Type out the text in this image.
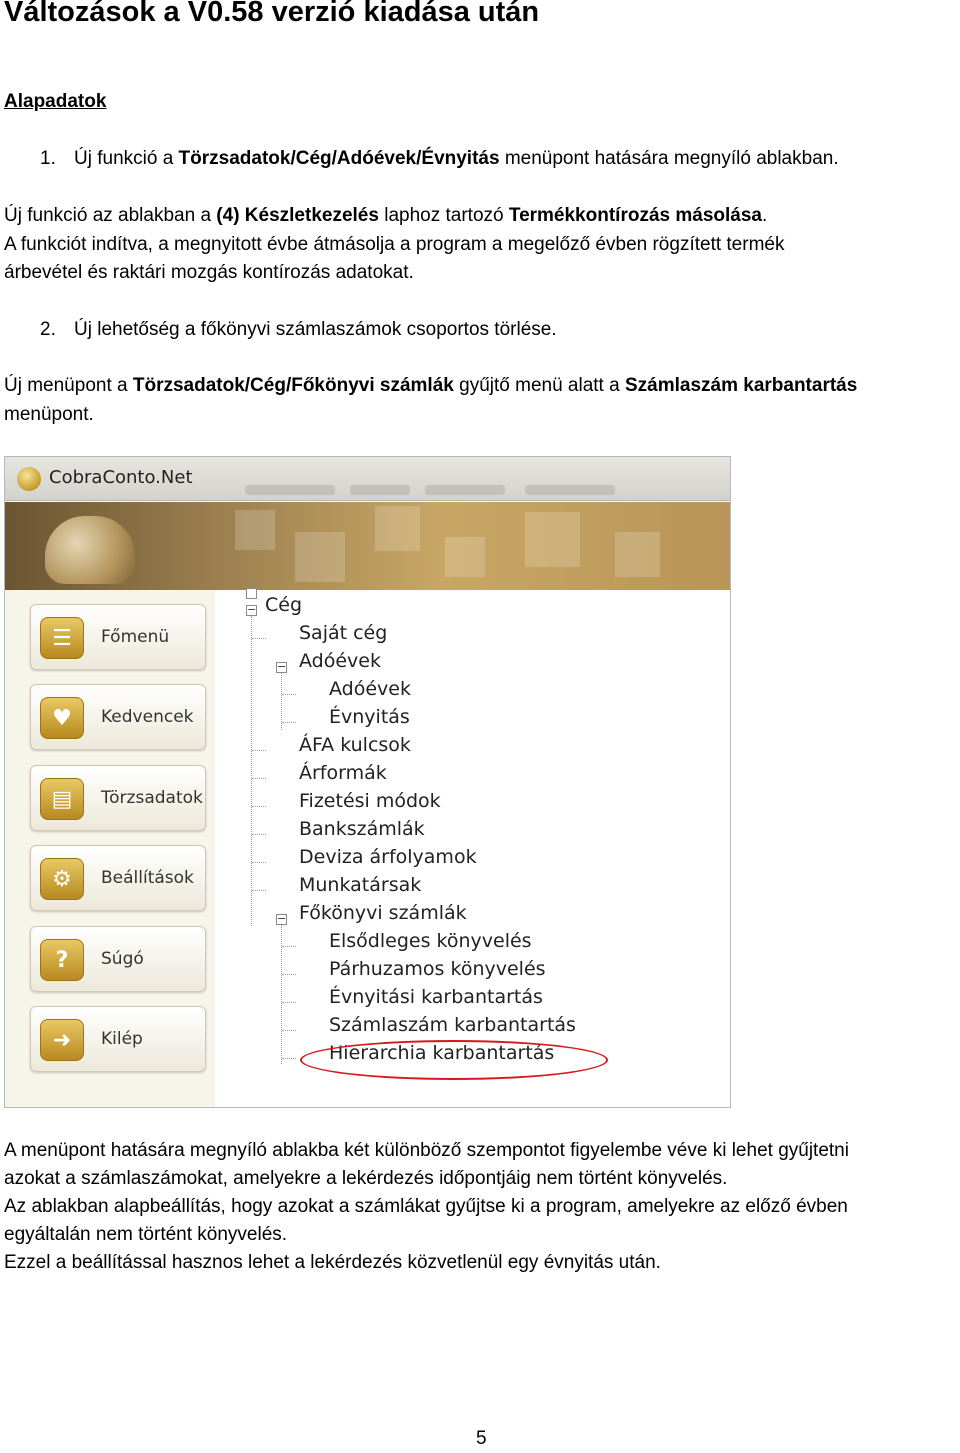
Változások a V0.58 verzió kiadása után
Alapadatok
1. Új funkció a Törzsadatok/Cég/Adóévek/Évnyitás menüpont hatására megnyíló ablakban.
Új funkció az ablakban a (4) Készletkezelés laphoz tartozó Termékkontírozás másolása.
A funkciót indítva, a megnyitott évbe átmásolja a program a megelőző évben rögzített termék
árbevétel és raktári mozgás kontírozás adatokat.
2. Új lehetőség a főkönyvi számlaszámok csoportos törlése.
Új menüpont a Törzsadatok/Cég/Főkönyvi számlák gyűjtő menü alatt a Számlaszám karbantartás
menüpont.
CobraConto.Net
☰	Főmenü
♥	Kedvencek
▤	Törzsadatok
⚙	Beállítások
?	Súgó
➜	Kilép
− Cég
Saját cég
− Adóévek
Adóévek
Évnyitás
ÁFA kulcsok
Árformák
Fizetési módok
Bankszámlák
Deviza árfolyamok
Munkatársak
− Főkönyvi számlák
Elsődleges könyvelés
Párhuzamos könyvelés
Évnyitási karbantartás
Számlaszám karbantartás
Hierarchia karbantartás
A menüpont hatására megnyíló ablakba két különböző szempontot figyelembe véve ki lehet gyűjtetni
azokat a számlaszámokat, amelyekre a lekérdezés időpontjáig nem történt könyvelés.
Az ablakban alapbeállítás, hogy azokat a számlákat gyűjtse ki a program, amelyekre az előző évben
egyáltalán nem történt könyvelés.
Ezzel a beállítással hasznos lehet a lekérdezés közvetlenül egy évnyitás után.
5
